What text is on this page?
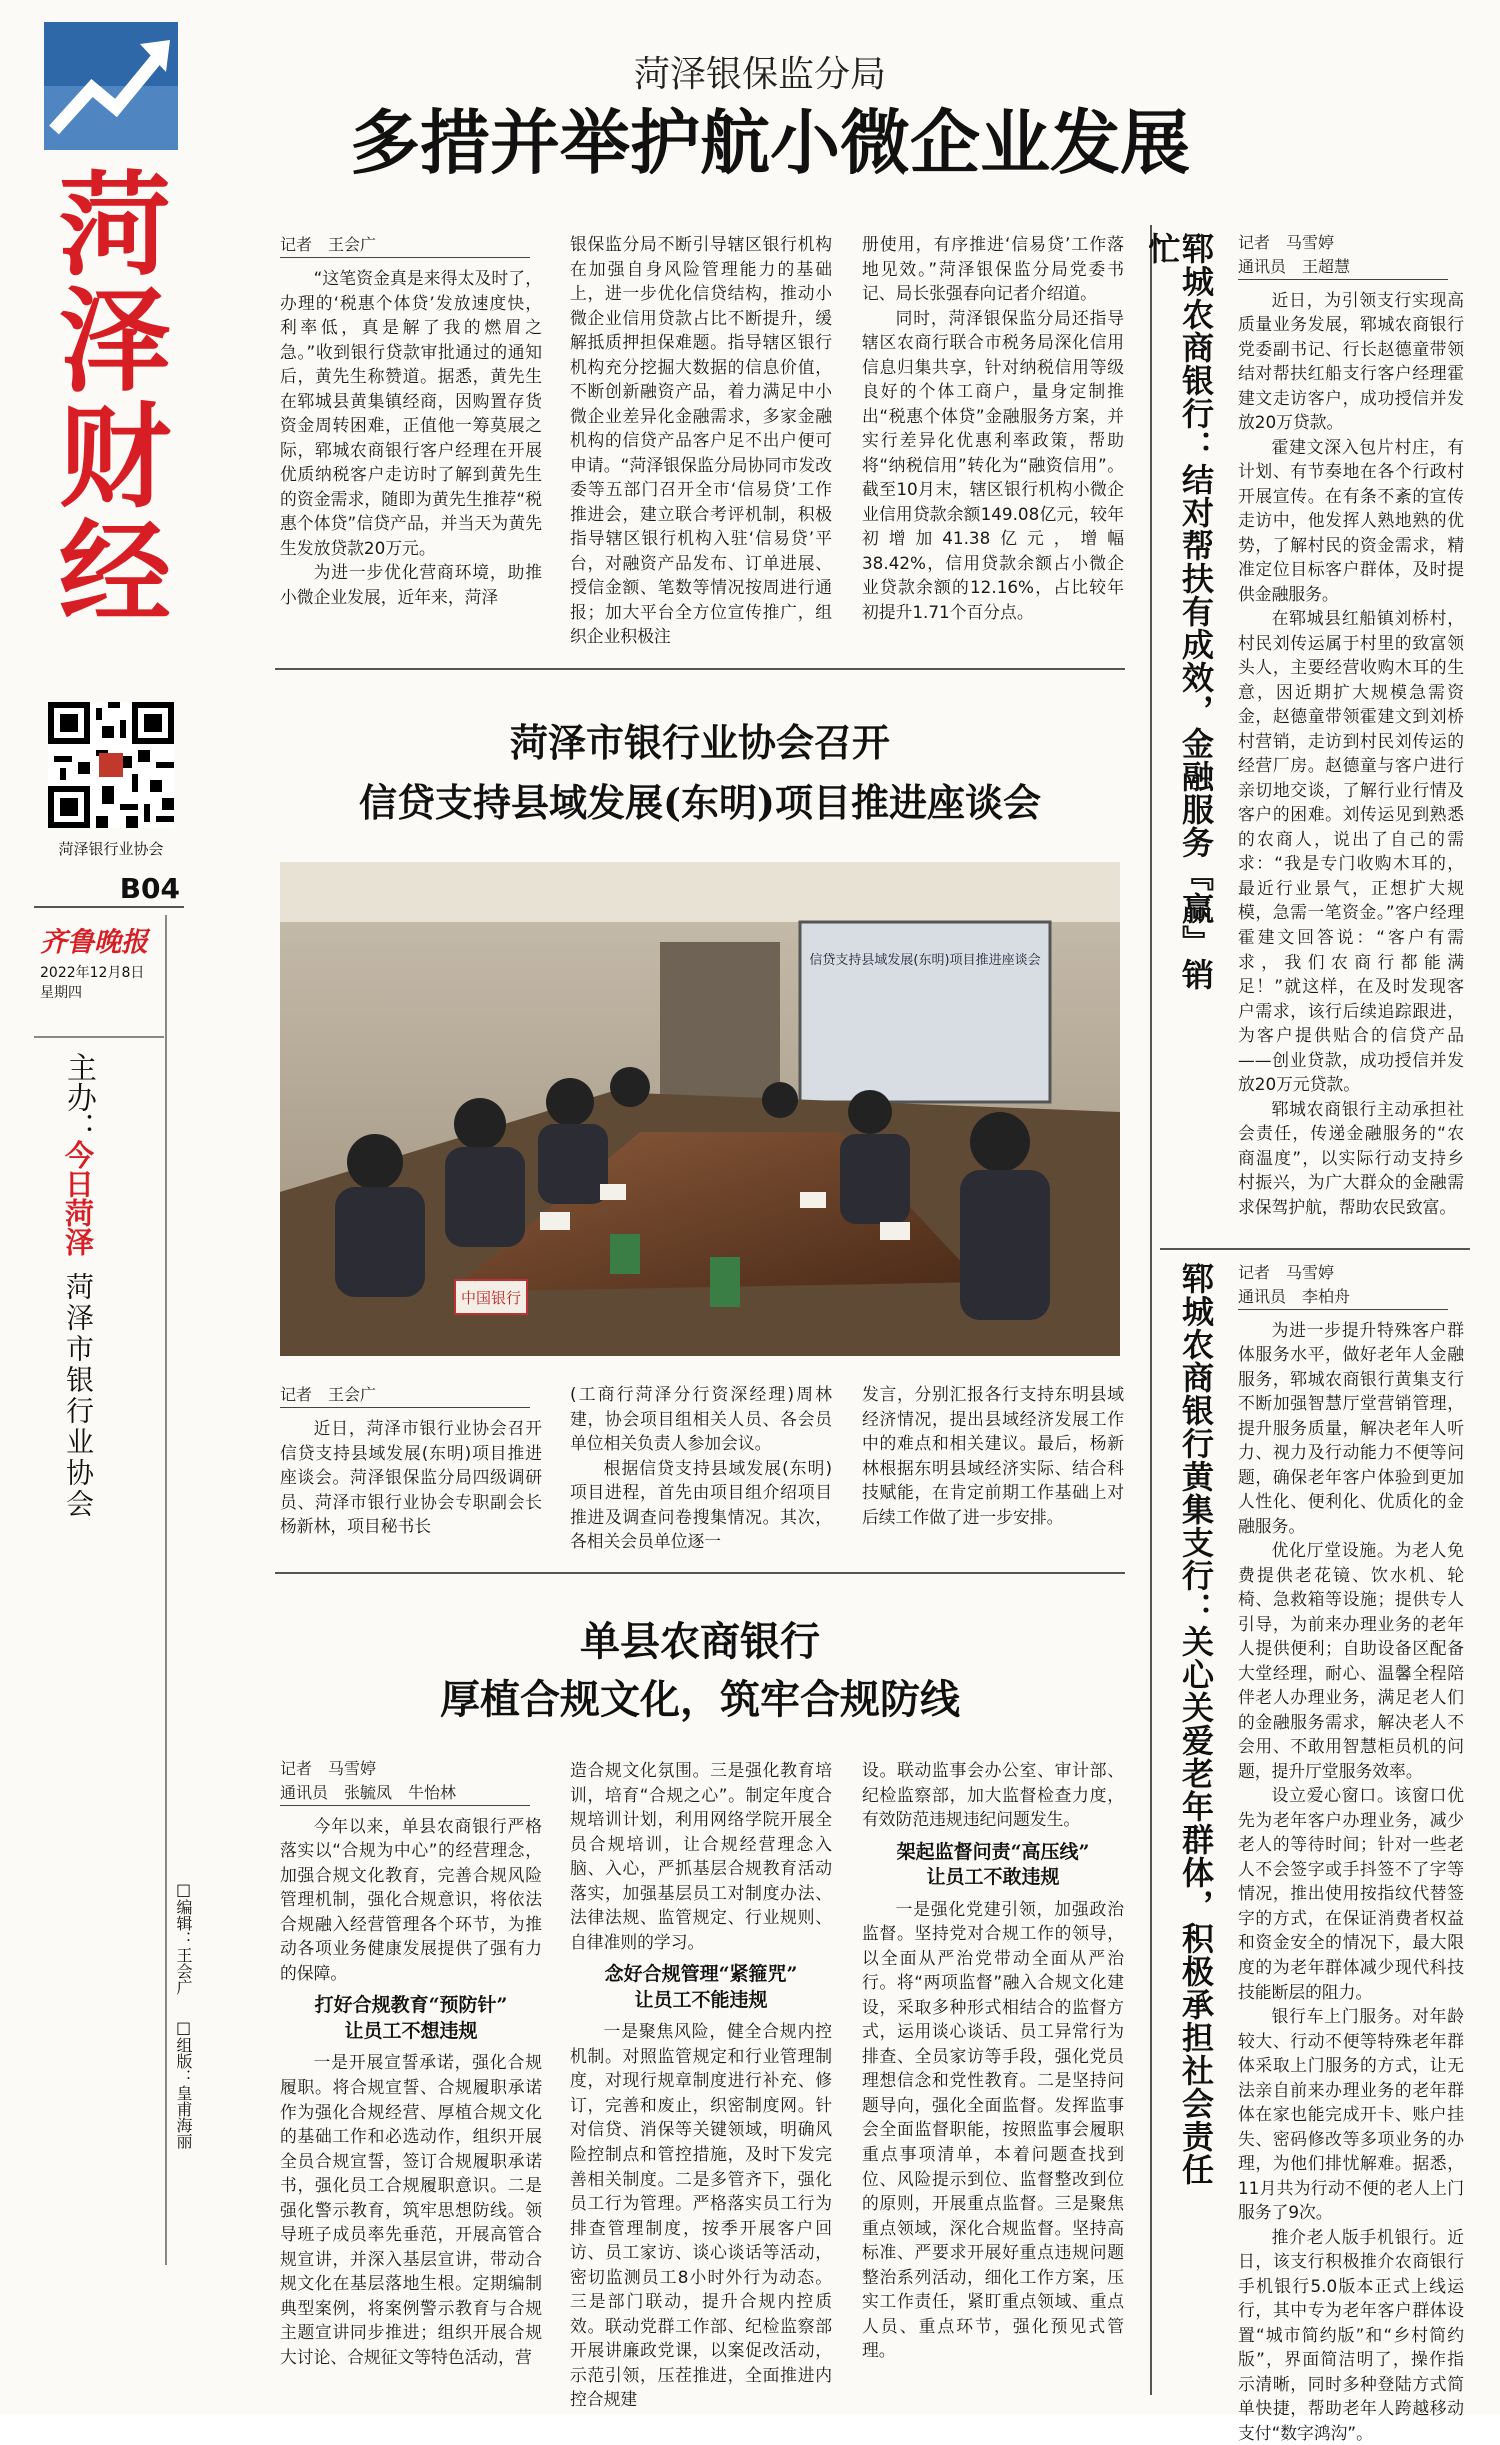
菏泽财经
菏泽银行业协会
B04
齐鲁晚报
2022年12月8日
星期四
主办：
今日菏泽
菏泽市银行业协会
□编辑：王会广
□组版：皇甫海丽
菏泽银保监分局
多措并举护航小微企业发展
记者　王会广

“这笔资金真是来得太及时了，办理的‘税惠个体贷’发放速度快，利率低，真是解了我的燃眉之急。”收到银行贷款审批通过的通知后，黄先生称赞道。据悉，黄先生在郓城县黄集镇经商，因购置存货资金周转困难，正值他一筹莫展之际，郓城农商银行客户经理在开展优质纳税客户走访时了解到黄先生的资金需求，随即为黄先生推荐“税惠个体贷”信贷产品，并当天为黄先生发放贷款20万元。

为进一步优化营商环境，助推小微企业发展，近年来，菏泽

银保监分局不断引导辖区银行机构在加强自身风险管理能力的基础上，进一步优化信贷结构，推动小微企业信用贷款占比不断提升，缓解抵质押担保难题。指导辖区银行机构充分挖掘大数据的信息价值，不断创新融资产品，着力满足中小微企业差异化金融需求，多家金融机构的信贷产品客户足不出户便可申请。“菏泽银保监分局协同市发改委等五部门召开全市‘信易贷’工作推进会，建立联合考评机制，积极指导辖区银行机构入驻‘信易贷’平台，对融资产品发布、订单进展、授信金额、笔数等情况按周进行通报；加大平台全方位宣传推广，组织企业积极注

册使用，有序推进‘信易贷’工作落地见效。”菏泽银保监分局党委书记、局长张强春向记者介绍道。

同时，菏泽银保监分局还指导辖区农商行联合市税务局深化信用信息归集共享，针对纳税信用等级良好的个体工商户，量身定制推出“税惠个体贷”金融服务方案，并实行差异化优惠利率政策，帮助将“纳税信用”转化为“融资信用”。截至10月末，辖区银行机构小微企业信用贷款余额149.08亿元，较年初增加41.38亿元，增幅38.42%，信用贷款余额占小微企业贷款余额的12.16%，占比较年初提升1.71个百分点。

菏泽市银行业协会召开
信贷支持县域发展(东明)项目推进座谈会
信贷支持县域发展(东明)项目推进座谈会
中国银行
记者　王会广

近日，菏泽市银行业协会召开信贷支持县域发展(东明)项目推进座谈会。菏泽银保监分局四级调研员、菏泽市银行业协会专职副会长杨新林，项目秘书长

(工商行菏泽分行资深经理)周林建，协会项目组相关人员、各会员单位相关负责人参加会议。

根据信贷支持县域发展(东明)项目进程，首先由项目组介绍项目推进及调查问卷搜集情况。其次，各相关会员单位逐一

发言，分别汇报各行支持东明县域经济情况，提出县域经济发展工作中的难点和相关建议。最后，杨新林根据东明县域经济实际、结合科技赋能，在肯定前期工作基础上对后续工作做了进一步安排。

单县农商银行
厚植合规文化，筑牢合规防线
记者　马雪婷
通讯员　张毓凤　牛怡林

今年以来，单县农商银行严格落实以“合规为中心”的经营理念，加强合规文化教育，完善合规风险管理机制，强化合规意识，将依法合规融入经营管理各个环节，为推动各项业务健康发展提供了强有力的保障。

打好合规教育“预防针”
让员工不想违规

一是开展宣誓承诺，强化合规履职。将合规宣誓、合规履职承诺作为强化合规经营、厚植合规文化的基础工作和必选动作，组织开展全员合规宣誓，签订合规履职承诺书，强化员工合规履职意识。二是强化警示教育，筑牢思想防线。领导班子成员率先垂范，开展高管合规宣讲，并深入基层宣讲，带动合规文化在基层落地生根。定期编制典型案例，将案例警示教育与合规主题宣讲同步推进；组织开展合规大讨论、合规征文等特色活动，营

造合规文化氛围。三是强化教育培训，培育“合规之心”。制定年度合规培训计划，利用网络学院开展全员合规培训，让合规经营理念入脑、入心，严抓基层合规教育活动落实，加强基层员工对制度办法、法律法规、监管规定、行业规则、自律准则的学习。

念好合规管理“紧箍咒”
让员工不能违规

一是聚焦风险，健全合规内控机制。对照监管规定和行业管理制度，对现行规章制度进行补充、修订，完善和废止，织密制度网。针对信贷、消保等关键领域，明确风险控制点和管控措施，及时下发完善相关制度。二是多管齐下，强化员工行为管理。严格落实员工行为排查管理制度，按季开展客户回访、员工家访、谈心谈话等活动，密切监测员工8小时外行为动态。三是部门联动，提升合规内控质效。联动党群工作部、纪检监察部开展讲廉政党课，以案促改活动，示范引领，压茬推进，全面推进内控合规建

设。联动监事会办公室、审计部、纪检监察部，加大监督检查力度，有效防范违规违纪问题发生。

架起监督问责“高压线”
让员工不敢违规

一是强化党建引领，加强政治监督。坚持党对合规工作的领导，以全面从严治党带动全面从严治行。将“两项监督”融入合规文化建设，采取多种形式相结合的监督方式，运用谈心谈话、员工异常行为排查、全员家访等手段，强化党员理想信念和党性教育。二是坚持问题导向，强化全面监督。发挥监事会全面监督职能，按照监事会履职重点事项清单，本着问题查找到位、风险提示到位、监督整改到位的原则，开展重点监督。三是聚焦重点领域，深化合规监督。坚持高标准、严要求开展好重点违规问题整治系列活动，细化工作方案，压实工作责任，紧盯重点领域、重点人员、重点环节，强化预见式管理。

郓城农商银行：结对帮扶有成效，金融服务『赢』销忙	记者　马雪婷
通讯员　王超慧

近日，为引领支行实现高质量业务发展，郓城农商银行党委副书记、行长赵德童带领结对帮扶红船支行客户经理霍建文走访客户，成功授信并发放20万贷款。

霍建文深入包片村庄，有计划、有节奏地在各个行政村开展宣传。在有条不紊的宣传走访中，他发挥人熟地熟的优势，了解村民的资金需求，精准定位目标客户群体，及时提供金融服务。

在郓城县红船镇刘桥村，村民刘传运属于村里的致富领头人，主要经营收购木耳的生意，因近期扩大规模急需资金，赵德童带领霍建文到刘桥村营销，走访到村民刘传运的经营厂房。赵德童与客户进行亲切地交谈，了解行业行情及客户的困难。刘传运见到熟悉的农商人，说出了自己的需求：“我是专门收购木耳的，最近行业景气，正想扩大规模，急需一笔资金。”客户经理霍建文回答说：“客户有需求，我们农商行都能满足！”就这样，在及时发现客户需求，该行后续追踪跟进，为客户提供贴合的信贷产品——创业贷款，成功授信并发放20万元贷款。

郓城农商银行主动承担社会责任，传递金融服务的“农商温度”，以实际行动支持乡村振兴，为广大群众的金融需求保驾护航，帮助农民致富。

郓城农商银行黄集支行：关心关爱老年群体，积极承担社会责任 记者　马雪婷
通讯员　李柏舟

为进一步提升特殊客户群体服务水平，做好老年人金融服务，郓城农商银行黄集支行不断加强智慧厅堂营销管理，提升服务质量，解决老年人听力、视力及行动能力不便等问题，确保老年客户体验到更加人性化、便利化、优质化的金融服务。

优化厅堂设施。为老人免费提供老花镜、饮水机、轮椅、急救箱等设施；提供专人引导，为前来办理业务的老年人提供便利；自助设备区配备大堂经理，耐心、温馨全程陪伴老人办理业务，满足老人们的金融服务需求，解决老人不会用、不敢用智慧柜员机的问题，提升厅堂服务效率。

设立爱心窗口。该窗口优先为老年客户办理业务，减少老人的等待时间；针对一些老人不会签字或手抖签不了字等情况，推出使用按指纹代替签字的方式，在保证消费者权益和资金安全的情况下，最大限度的为老年群体减少现代科技技能断层的阻力。

银行车上门服务。对年龄较大、行动不便等特殊老年群体采取上门服务的方式，让无法亲自前来办理业务的老年群体在家也能完成开卡、账户挂失、密码修改等多项业务的办理，为他们排忧解难。据悉，11月共为行动不便的老人上门服务了9次。

推介老人版手机银行。近日，该支行积极推介农商银行手机银行5.0版本正式上线运行，其中专为老年客户群体设置“城市简约版”和“乡村简约版”，界面简洁明了，操作指示清晰，同时多种登陆方式简单快捷，帮助老年人跨越移动支付“数字鸿沟”。
